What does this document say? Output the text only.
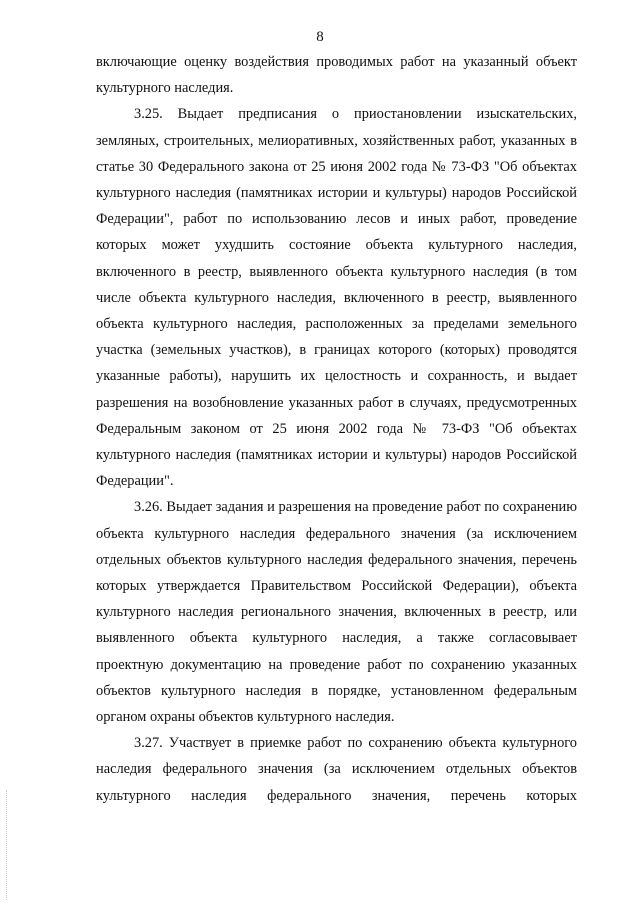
8

включающие оценку воздействия проводимых работ на указанный объект культурного наследия.

3.25. Выдает предписания о приостановлении изыскательских, земляных, строительных, мелиоративных, хозяйственных работ, указанных в статье 30 Федерального закона от 25 июня 2002 года № 73-ФЗ "Об объектах культурного наследия (памятниках истории и культуры) народов Российской Федерации", работ по использованию лесов и иных работ, проведение которых может ухудшить состояние объекта культурного наследия, включенного в реестр, выявленного объекта культурного наследия (в том числе объекта культурного наследия, включенного в реестр, выявленного объекта культурного наследия, расположенных за пределами земельного участка (земельных участков), в границах которого (которых) проводятся указанные работы), нарушить их целостность и сохранность, и выдает разрешения на возобновление указанных работ в случаях, предусмотренных Федеральным законом от 25 июня 2002 года № 73-ФЗ "Об объектах культурного наследия (памятниках истории и культуры) народов Российской Федерации".

3.26. Выдает задания и разрешения на проведение работ по сохранению объекта культурного наследия федерального значения (за исключением отдельных объектов культурного наследия федерального значения, перечень которых утверждается Правительством Российской Федерации), объекта культурного наследия регионального значения, включенных в реестр, или выявленного объекта культурного наследия, а также согласовывает проектную документацию на проведение работ по сохранению указанных объектов культурного наследия в порядке, установленном федеральным органом охраны объектов культурного наследия.

3.27. Участвует в приемке работ по сохранению объекта культурного наследия федерального значения (за исключением отдельных объектов культурного наследия федерального значения, перечень которых
